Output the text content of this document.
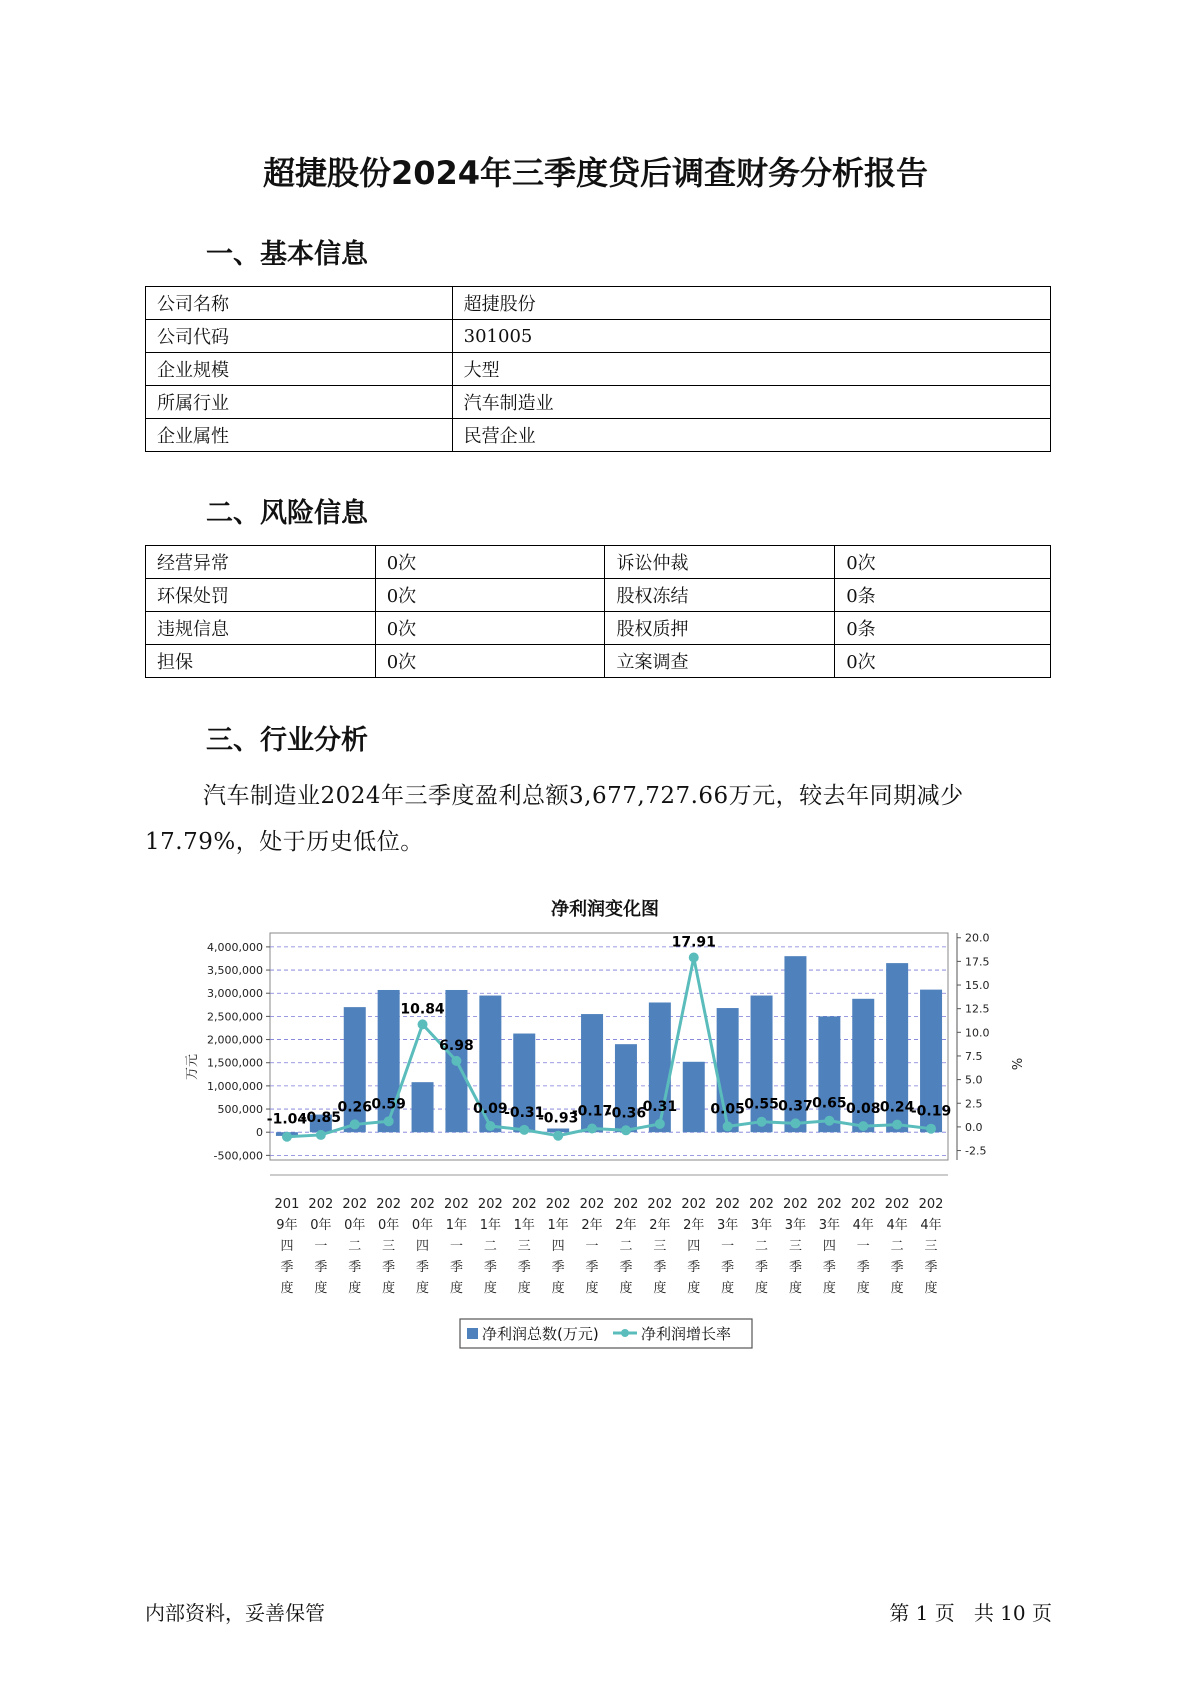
超捷股份2024年三季度贷后调查财务分析报告
一、基本信息
公司名称	超捷股份
公司代码	301005
企业规模	大型
所属行业	汽车制造业
企业属性	民营企业
二、风险信息
经营异常	0次	诉讼仲裁	0次
环保处罚	0次	股权冻结	0条
违规信息	0次	股权质押	0条
担保	0次	立案调查	0次
三、行业分析

汽车制造业2024年三季度盈利总额3,677,727.66万元，较去年同期减少17.79%，处于历史低位。

净利润变化图
4,000,000
3,500,000
3,000,000
2,500,000
2,000,000
1,500,000
1,000,000
500,000
0
-500,000
20.0
17.5
15.0
12.5
10.0
7.5
5.0
2.5
0.0
-2.5
201
9年
四
季
度
202
0年
一
季
度
202
0年
二
季
度
202
0年
三
季
度
202
0年
四
季
度
202
1年
一
季
度
202
1年
二
季
度
202
1年
三
季
度
202
1年
四
季
度
202
2年
一
季
度
202
2年
二
季
度
202
2年
三
季
度
202
2年
四
季
度
202
3年
一
季
度
202
3年
二
季
度
202
3年
三
季
度
202
3年
四
季
度
202
4年
一
季
度
202
4年
二
季
度
202
4年
三
季
度
-1.04
-0.85
0.26 0.59
10.84
6.98
0.09
-0.31
-0.93
-0.17
-0.36
0.31
17.91
0.05 0.55 0.37 0.65 0.08 0.24
-0.19
万元	%
净利润总数(万元)	净利润增长率
内部资料，妥善保管	第 1 页   共 10 页
